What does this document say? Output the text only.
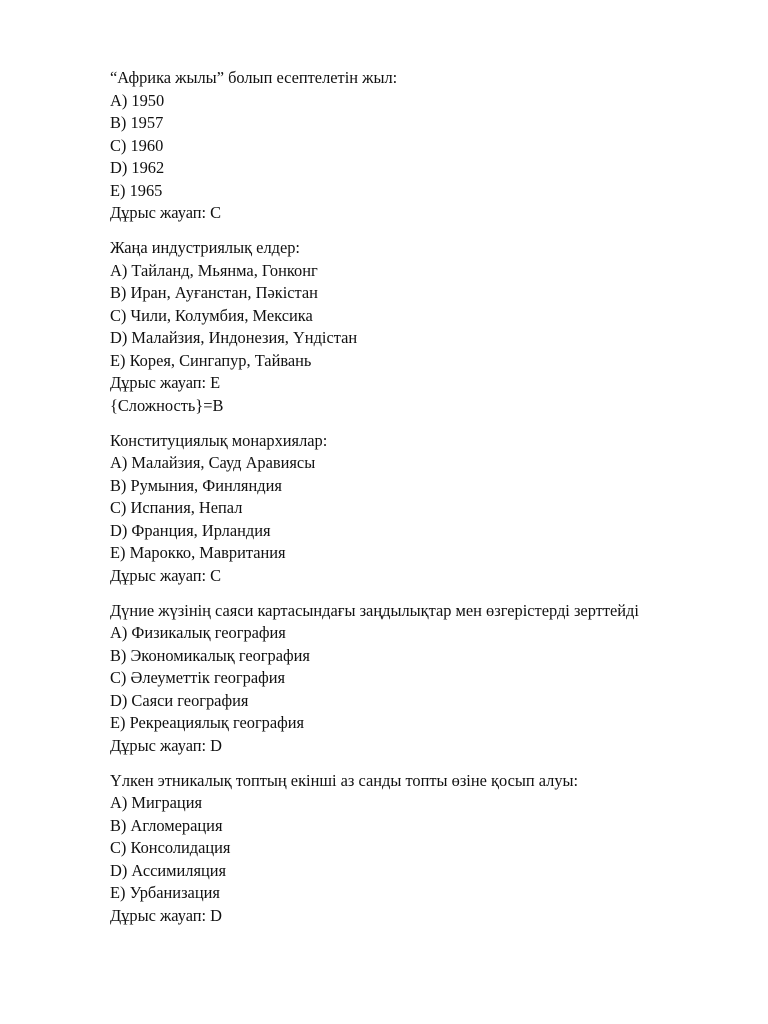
“Африка жылы” болып есептелетін жыл:
A) 1950
B) 1957
C) 1960
D) 1962
E) 1965
Дұрыс жауап: C
Жаңа индустриялық елдер:
A) Тайланд, Мьянма, Гонконг
B) Иран, Ауғанстан, Пәкістан
C) Чили, Колумбия, Мексика
D) Малайзия, Индонезия, Үндістан
E) Корея, Сингапур, Тайвань
Дұрыс жауап: E
{Сложность}=В
Конституциялық монархиялар:
A) Малайзия, Сауд Аравиясы
B) Румыния, Финляндия
C) Испания, Непал
D) Франция, Ирландия
E) Марокко, Мавритания
Дұрыс жауап: C
Дүние жүзінің саяси картасындағы заңдылықтар мен өзгерістерді зерттейді
A) Физикалық география
B) Экономикалық география
C) Әлеуметтік география
D) Саяси география
E) Рекреациялық география
Дұрыс жауап: D
Үлкен этникалық топтың екінші аз санды топты өзіне қосып алуы:
A) Миграция
B) Агломерация
C) Консолидация
D) Ассимиляция
E) Урбанизация
Дұрыс жауап: D
